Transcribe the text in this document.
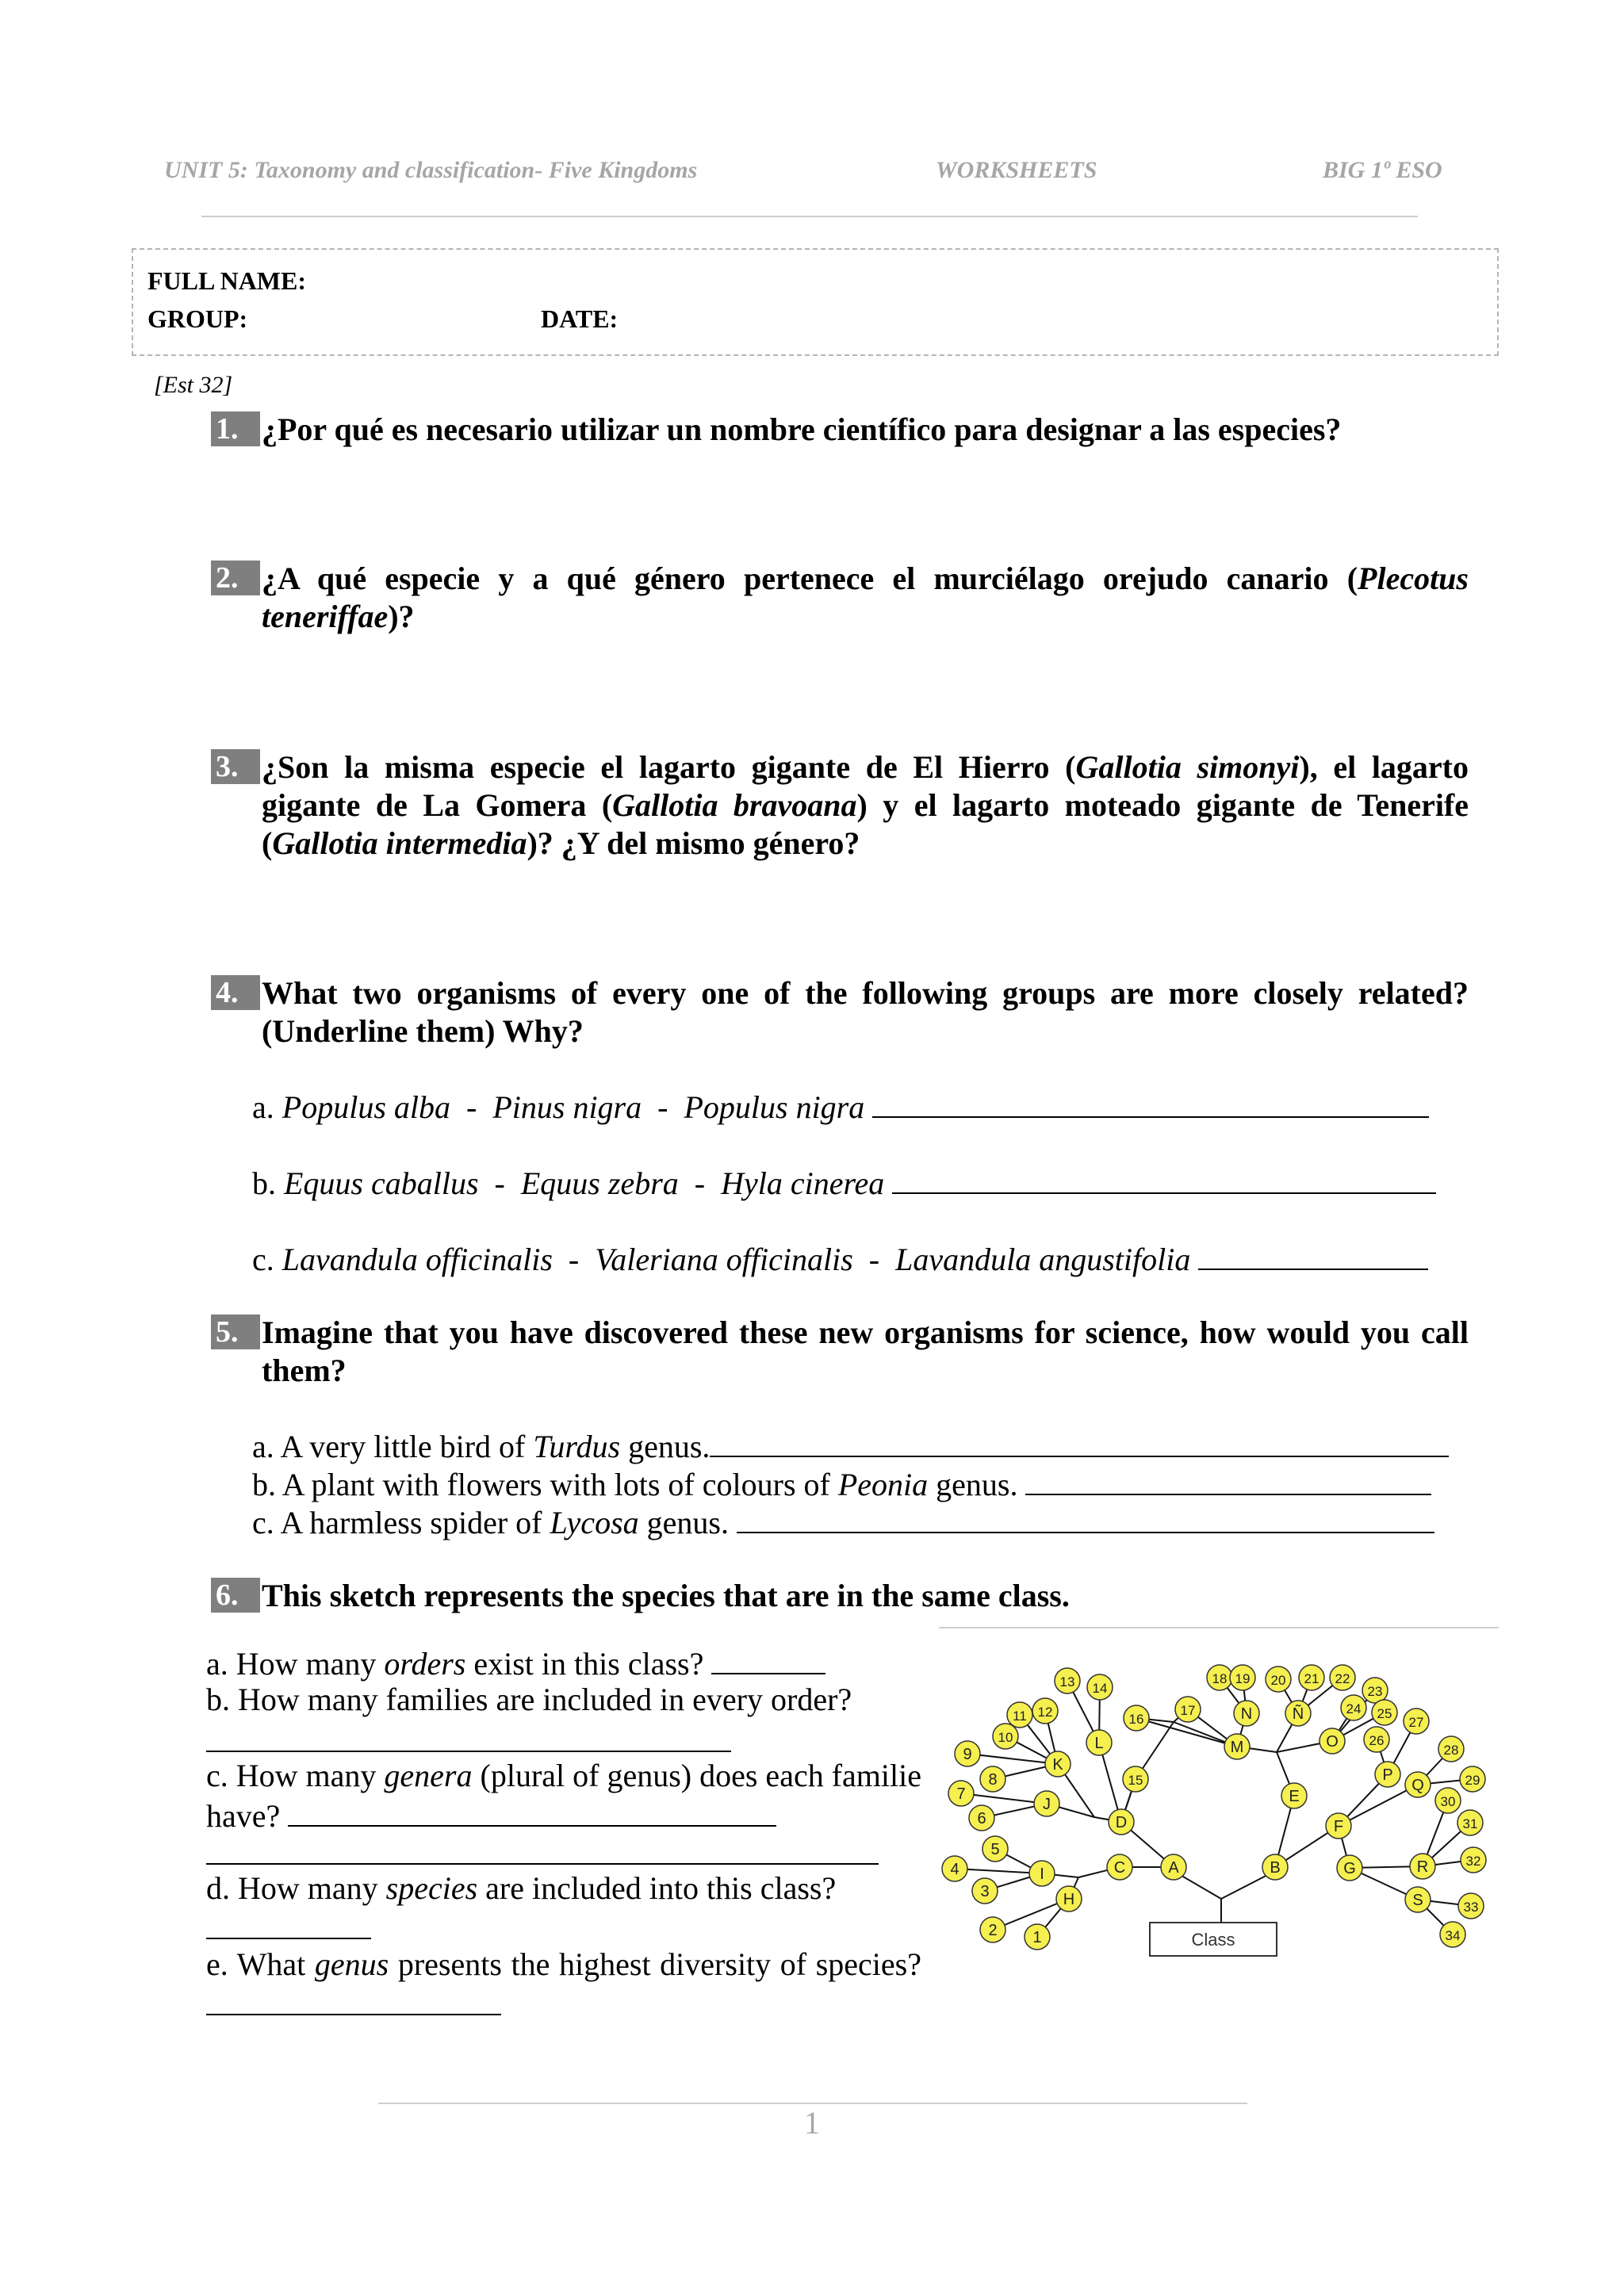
UNIT 5: Taxonomy and classification- Five Kingdoms	WORKSHEETS	BIG 1º ESO
FULL NAME:
GROUP:	DATE:
[Est 32]
1. ¿Por qué es necesario utilizar un nombre científico para designar a las especies?
2. ¿A qué especie y a qué género pertenece el murciélago orejudo canario (Plecotus teneriffae)?
3. ¿Son la misma especie el lagarto gigante de El Hierro (Gallotia simonyi), el lagarto gigante de La Gomera (Gallotia bravoana) y el lagarto moteado gigante de Tenerife (Gallotia intermedia)? ¿Y del mismo género?
4. What two organisms of every one of the following groups are more closely related? (Underline them) Why?
a. Populus alba  -  Pinus nigra  -  Populus nigra
b. Equus caballus  -  Equus zebra  -  Hyla cinerea
c. Lavandula officinalis  -  Valeriana officinalis  -  Lavandula angustifolia
5. Imagine that you have discovered these new organisms for science, how would you call them?
a. A very little bird of Turdus genus.
b. A plant with flowers with lots of colours of Peonia genus.
c. A harmless spider of Lycosa genus.
6. This sketch represents the species that are in the same class.
a. How many orders exist in this class?
b. How many families are included in every order?
c. How many genera (plural of genus) does each familie have?
d. How many species are included into this class?
e. What genus presents the highest diversity of species?
A	B
C
D
E
F
G
H
I
J
K
L	M
N	Ñ
O
P
Q
R
S
1
2
3
4
5
6
7
8
9
10
11 12
13 14
15
16
17
18 19 20 21 22
23
24 25
26
27
28
29
30
31
32
33
34
Class
1
